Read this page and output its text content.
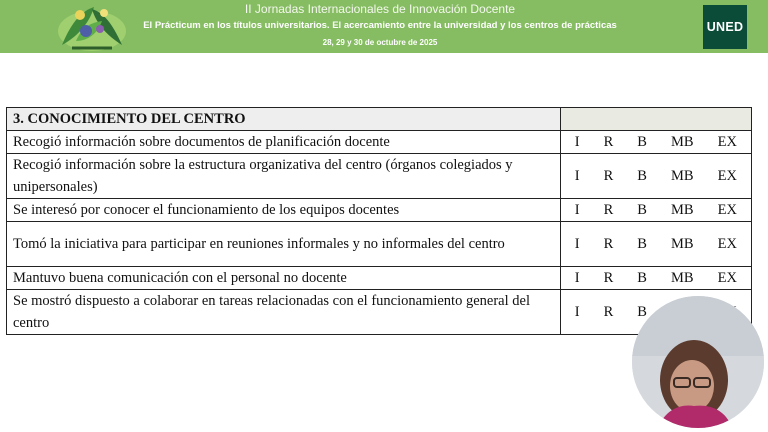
II Jornadas Internacionales de Innovación Docente
El Prácticum en los títulos universitarios. El acercamiento entre la universidad y los centros de prácticas
28, 29 y 30 de octubre de 2025
UNED
3. CONOCIMIENTO DEL CENTRO	
Recogió información sobre documentos de planificación docente	I R B MB EX

Recogió información sobre la estructura organizativa del centro (órganos colegiados y unipersonales)	I R B MB EX

Se interesó por conocer el funcionamiento de los equipos docentes	I R B MB EX

Tomó la iniciativa para participar en reuniones informales y no informales del centro	I R B MB EX

Mantuvo buena comunicación con el personal no docente	I R B MB EX

Se mostró dispuesto a colaborar en tareas relacionadas con el funcionamiento general del centro	I R B
